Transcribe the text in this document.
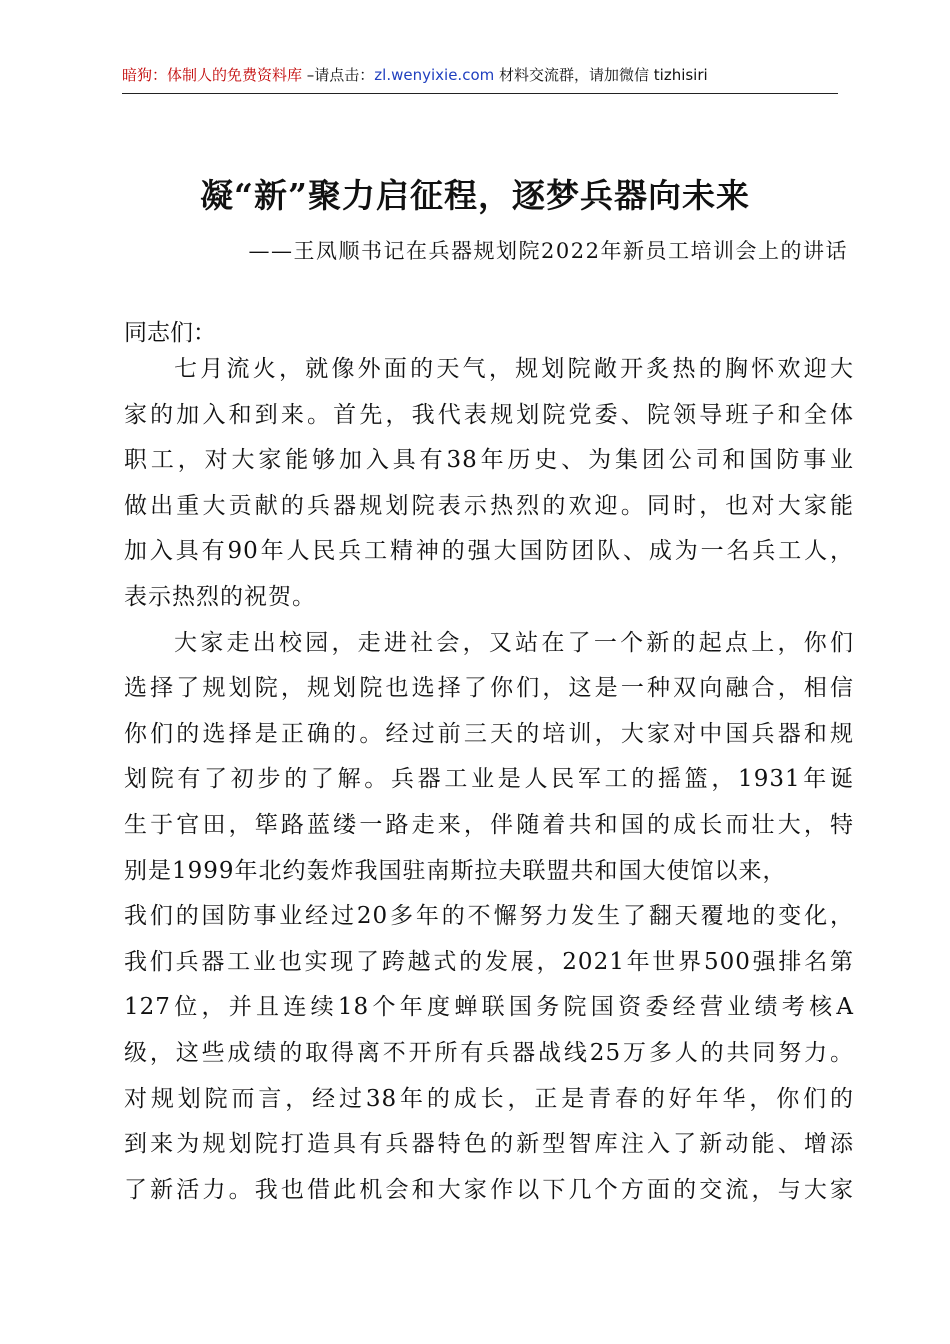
暗狗：体制人的免费资料库 –请点击：zl.wenyixie.com 材料交流群，请加微信 tizhisiri
凝“新”聚力启征程，逐梦兵器向未来
——王凤顺书记在兵器规划院2022年新员工培训会上的讲话
同志们：
七月流火，就像外面的天气，规划院敞开炙热的胸怀欢迎大
家的加入和到来。首先，我代表规划院党委、院领导班子和全体
职工，对大家能够加入具有38年历史、为集团公司和国防事业
做出重大贡献的兵器规划院表示热烈的欢迎。同时，也对大家能
加入具有90年人民兵工精神的强大国防团队、成为一名兵工人，
表示热烈的祝贺。
大家走出校园，走进社会，又站在了一个新的起点上，你们
选择了规划院，规划院也选择了你们，这是一种双向融合，相信
你们的选择是正确的。经过前三天的培训，大家对中国兵器和规
划院有了初步的了解。兵器工业是人民军工的摇篮，1931年诞
生于官田，筚路蓝缕一路走来，伴随着共和国的成长而壮大，特
别是1999年北约轰炸我国驻南斯拉夫联盟共和国大使馆以来，
我们的国防事业经过20多年的不懈努力发生了翻天覆地的变化，
我们兵器工业也实现了跨越式的发展，2021年世界500强排名第
127位，并且连续18个年度蝉联国务院国资委经营业绩考核A
级，这些成绩的取得离不开所有兵器战线25万多人的共同努力。
对规划院而言，经过38年的成长，正是青春的好年华，你们的
到来为规划院打造具有兵器特色的新型智库注入了新动能、增添
了新活力。我也借此机会和大家作以下几个方面的交流，与大家
